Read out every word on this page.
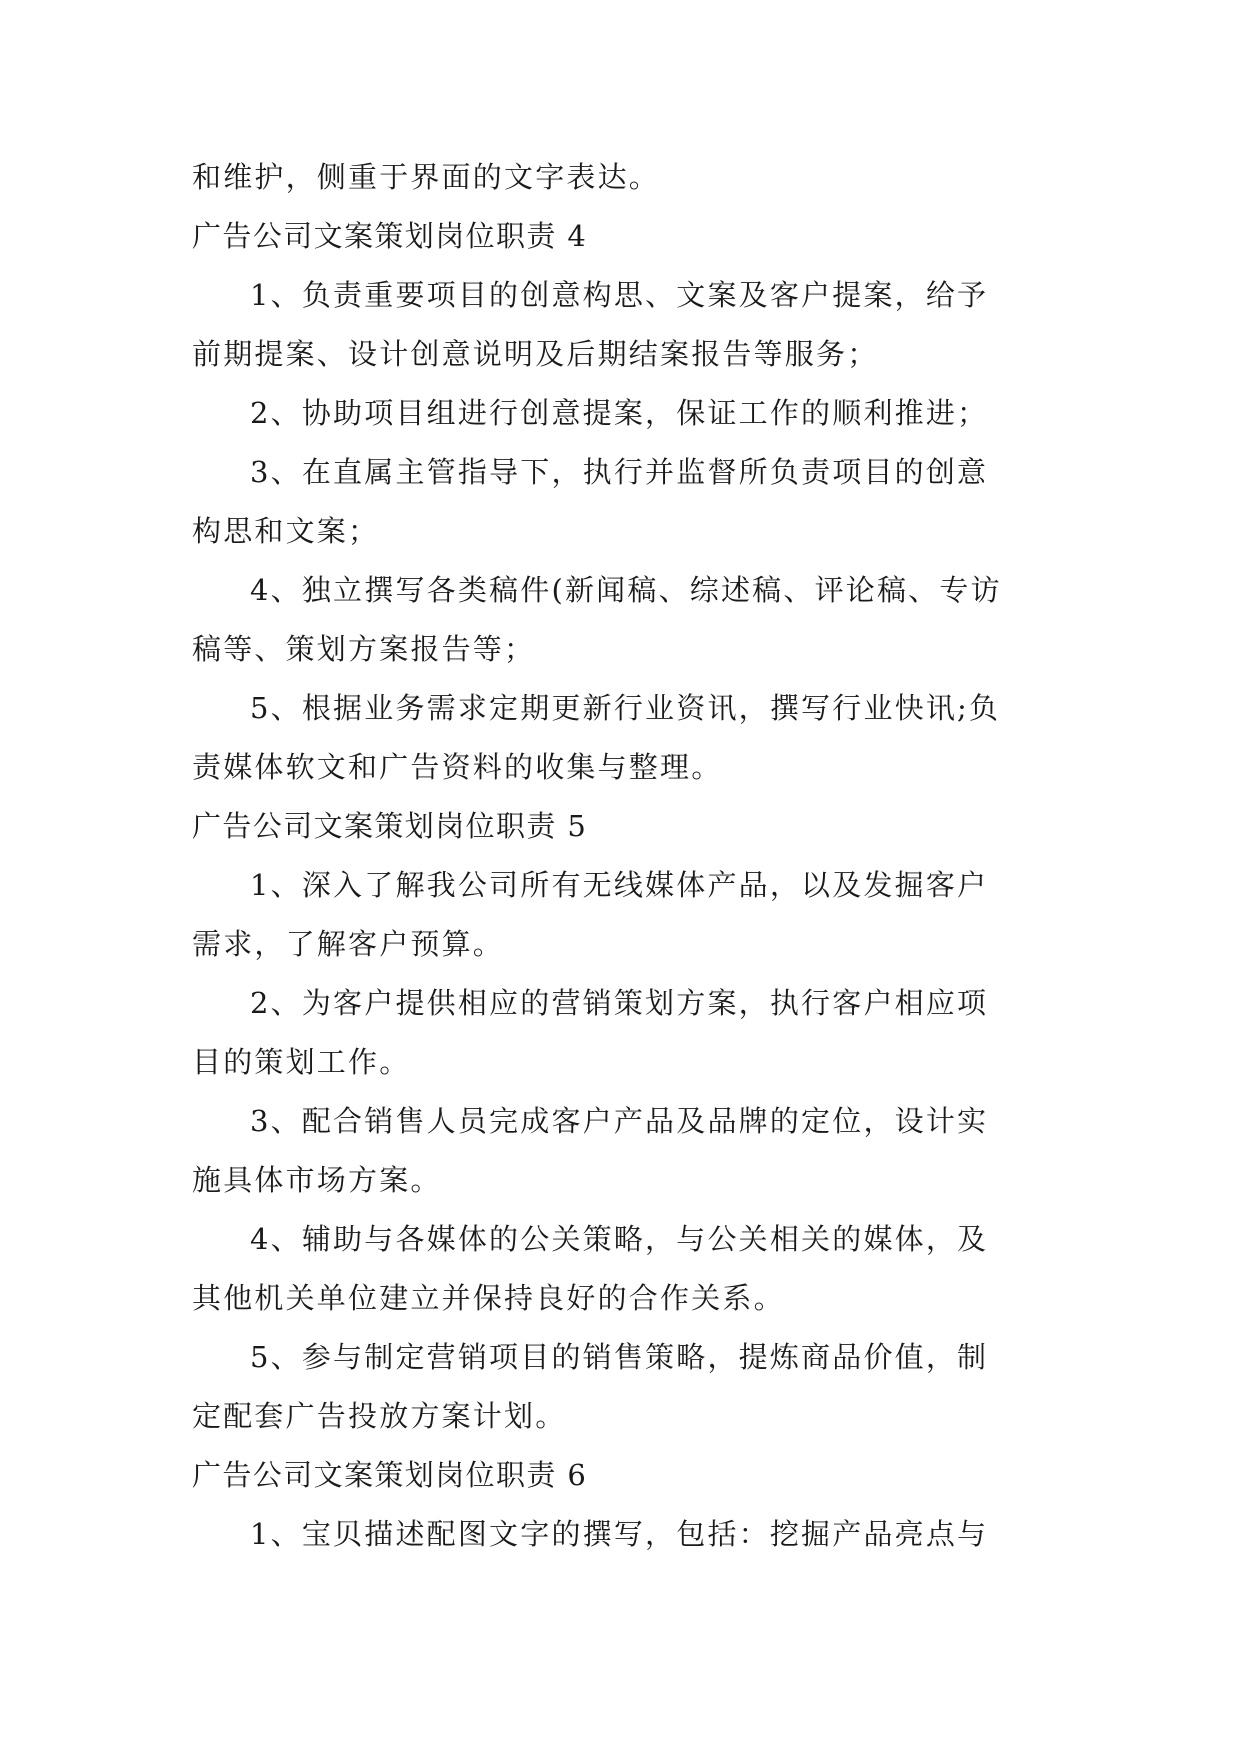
和维护，侧重于界面的文字表达。
广告公司文案策划岗位职责 4
1、负责重要项目的创意构思、文案及客户提案，给予
前期提案、设计创意说明及后期结案报告等服务；
2、协助项目组进行创意提案，保证工作的顺利推进；
3、在直属主管指导下，执行并监督所负责项目的创意
构思和文案；
4、独立撰写各类稿件(新闻稿、综述稿、评论稿、专访
稿等、策划方案报告等；
5、根据业务需求定期更新行业资讯，撰写行业快讯;负
责媒体软文和广告资料的收集与整理。
广告公司文案策划岗位职责 5
1、深入了解我公司所有无线媒体产品，以及发掘客户
需求，了解客户预算。
2、为客户提供相应的营销策划方案，执行客户相应项
目的策划工作。
3、配合销售人员完成客户产品及品牌的定位，设计实
施具体市场方案。
4、辅助与各媒体的公关策略，与公关相关的媒体，及
其他机关单位建立并保持良好的合作关系。
5、参与制定营销项目的销售策略，提炼商品价值，制
定配套广告投放方案计划。
广告公司文案策划岗位职责 6
1、宝贝描述配图文字的撰写，包括：挖掘产品亮点与
